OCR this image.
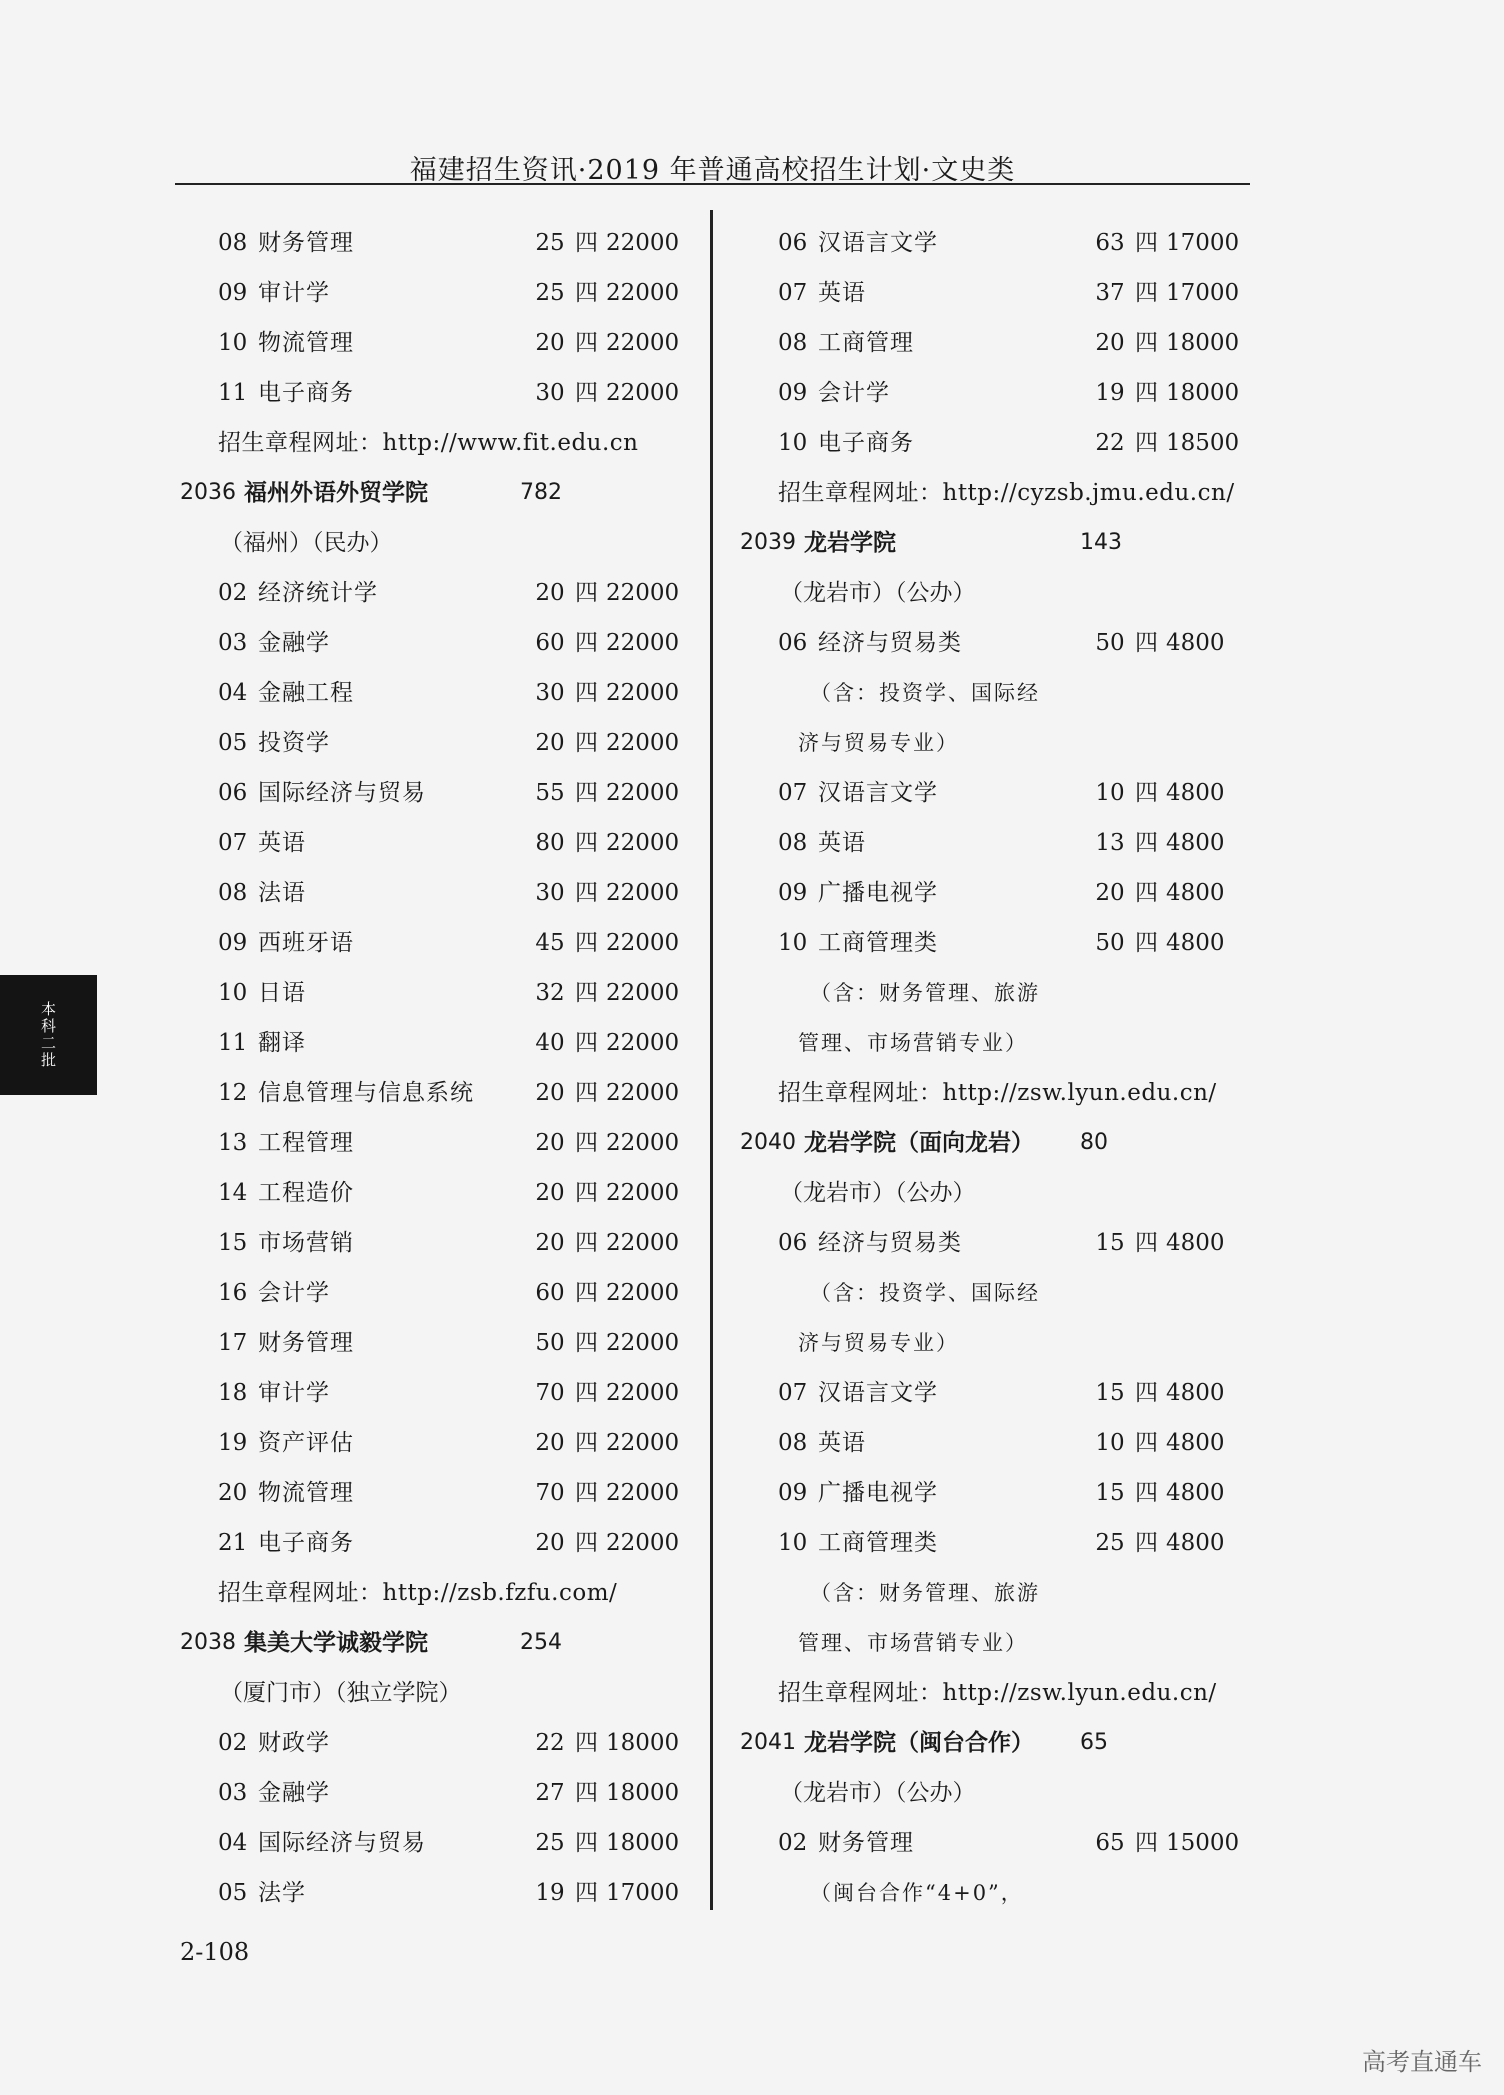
福建招生资讯·2019 年普通高校招生计划·文史类
08 财务管理	25 四 22000
09 审计学	25 四 22000
10 物流管理	20 四 22000
11 电子商务	30 四 22000
招生章程网址：http://www.fit.edu.cn
2036 福州外语外贸学院	782
（福州）（民办）
02 经济统计学	20 四 22000
03 金融学	60 四 22000
04 金融工程	30 四 22000
05 投资学	20 四 22000
06 国际经济与贸易	55 四 22000
07 英语	80 四 22000
08 法语	30 四 22000
09 西班牙语	45 四 22000
10 日语	32 四 22000
11 翻译	40 四 22000
12 信息管理与信息系统	20 四 22000
13 工程管理	20 四 22000
14 工程造价	20 四 22000
15 市场营销	20 四 22000
16 会计学	60 四 22000
17 财务管理	50 四 22000
18 审计学	70 四 22000
19 资产评估	20 四 22000
20 物流管理	70 四 22000
21 电子商务	20 四 22000
招生章程网址：http://zsb.fzfu.com/
2038 集美大学诚毅学院	254
（厦门市）（独立学院）
02 财政学	22 四 18000
03 金融学	27 四 18000
04 国际经济与贸易	25 四 18000
05 法学	19 四 17000
06 汉语言文学	63 四 17000
07 英语	37 四 17000
08 工商管理	20 四 18000
09 会计学	19 四 18000
10 电子商务	22 四 18500
招生章程网址：http://cyzsb.jmu.edu.cn/
2039 龙岩学院	143
（龙岩市）（公办）
06 经济与贸易类	50 四 4800
（含：投资学、国际经
济与贸易专业）
07 汉语言文学	10 四 4800
08 英语	13 四 4800
09 广播电视学	20 四 4800
10 工商管理类	50 四 4800
（含：财务管理、旅游
管理、市场营销专业）
招生章程网址：http://zsw.lyun.edu.cn/
2040 龙岩学院（面向龙岩） 80
（龙岩市）（公办）
06 经济与贸易类	15 四 4800
（含：投资学、国际经
济与贸易专业）
07 汉语言文学	15 四 4800
08 英语	10 四 4800
09 广播电视学	15 四 4800
10 工商管理类	25 四 4800
（含：财务管理、旅游
管理、市场营销专业）
招生章程网址：http://zsw.lyun.edu.cn/
2041 龙岩学院（闽台合作） 65
（龙岩市）（公办）
02 财务管理	65 四 15000
（闽台合作“4+0”，
本科二批
2-108
高考直通车
